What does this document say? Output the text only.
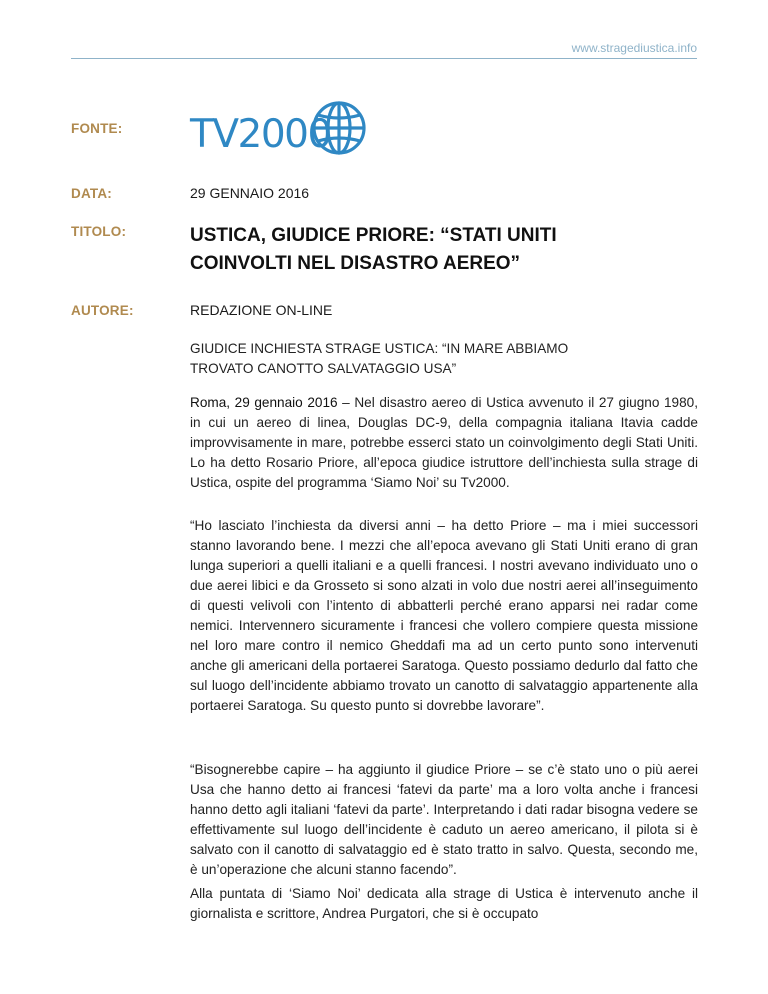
www.stragediustica.info
FONTE: TV2000
DATA:	29 GENNAIO 2016
TITOLO:	USTICA, GIUDICE PRIORE: “STATI UNITI COINVOLTI NEL DISASTRO AEREO”
AUTORE:	REDAZIONE ON-LINE
GIUDICE INCHIESTA STRAGE USTICA: “IN MARE ABBIAMO TROVATO CANOTTO SALVATAGGIO USA”
Roma, 29 gennaio 2016 – Nel disastro aereo di Ustica avvenuto il 27 giugno 1980, in cui un aereo di linea, Douglas DC-9, della compagnia italiana Itavia cadde improvvisamente in mare, potrebbe esserci stato un coinvolgimento degli Stati Uniti. Lo ha detto Rosario Priore, all’epoca giudice istruttore dell’inchiesta sulla strage di Ustica, ospite del programma ‘Siamo Noi’ su Tv2000.
“Ho lasciato l’inchiesta da diversi anni – ha detto Priore – ma i miei successori stanno lavorando bene. I mezzi che all’epoca avevano gli Stati Uniti erano di gran lunga superiori a quelli italiani e a quelli francesi. I nostri avevano individuato uno o due aerei libici e da Grosseto si sono alzati in volo due nostri aerei all’inseguimento di questi velivoli con l’intento di abbatterli perché erano apparsi nei radar come nemici. Intervennero sicuramente i francesi che vollero compiere questa missione nel loro mare contro il nemico Gheddafi ma ad un certo punto sono intervenuti anche gli americani della portaerei Saratoga. Questo possiamo dedurlo dal fatto che sul luogo dell’incidente abbiamo trovato un canotto di salvataggio appartenente alla portaerei Saratoga. Su questo punto si dovrebbe lavorare”.
“Bisognerebbe capire – ha aggiunto il giudice Priore – se c’è stato uno o più aerei Usa che hanno detto ai francesi ‘fatevi da parte’ ma a loro volta anche i francesi hanno detto agli italiani ‘fatevi da parte’. Interpretando i dati radar bisogna vedere se effettivamente sul luogo dell’incidente è caduto un aereo americano, il pilota si è salvato con il canotto di salvataggio ed è stato tratto in salvo. Questa, secondo me, è un’operazione che alcuni stanno facendo”.
Alla puntata di ‘Siamo Noi’ dedicata alla strage di Ustica è intervenuto anche il giornalista e scrittore, Andrea Purgatori, che si è occupato
